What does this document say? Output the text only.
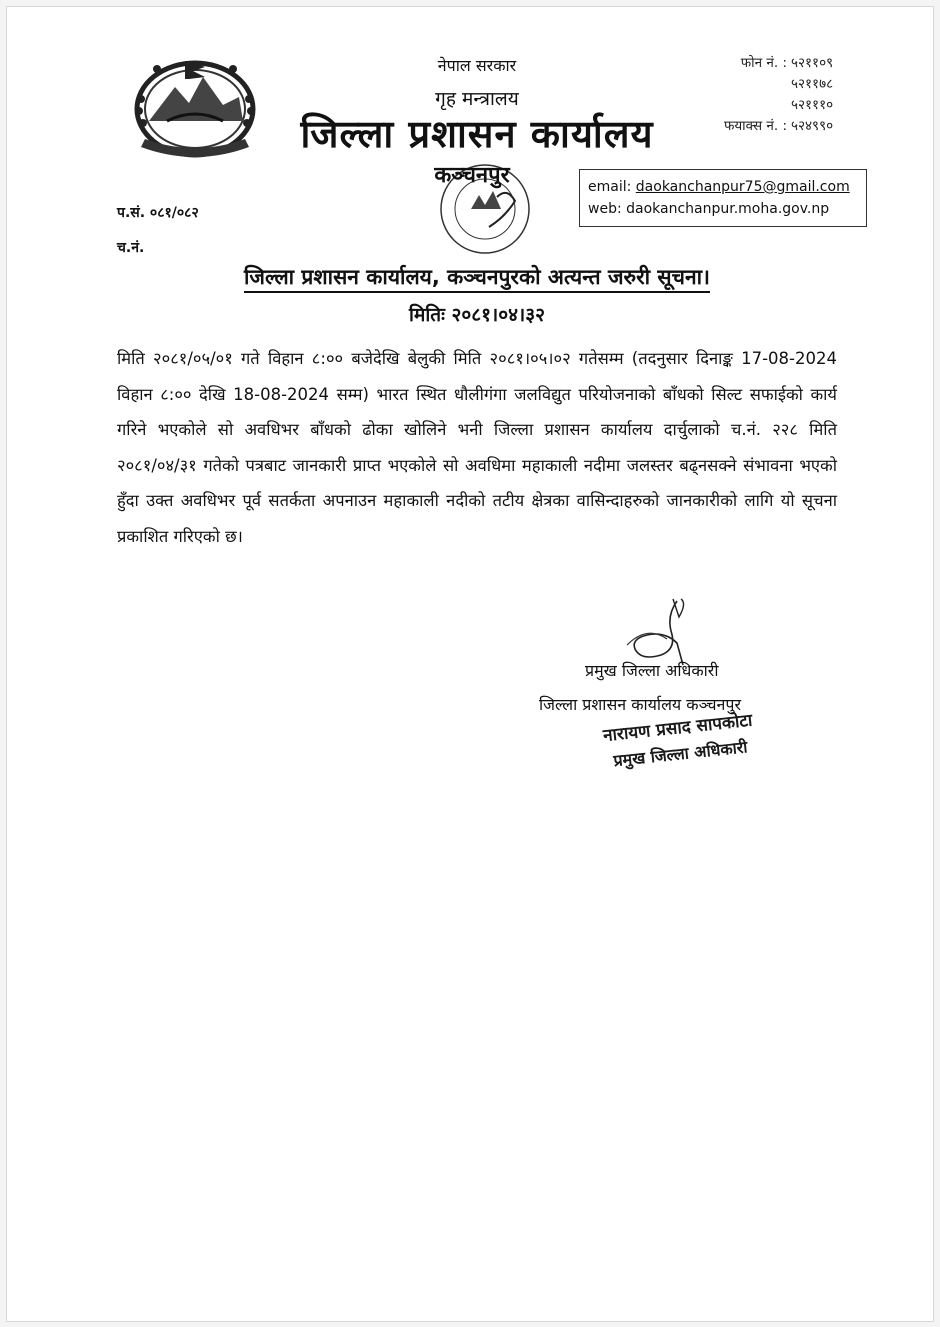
नेपाल सरकार
गृह मन्त्रालय
जिल्ला प्रशासन कार्यालय
कञ्चनपुर
फोन नं. : ५२११०९
५२११७८
५२१११०
फयाक्स नं. : ५२४९९०
email: daokanchanpur75@gmail.com
web: daokanchanpur.moha.gov.np
प.सं. ०८१/०८२
च.नं.
जिल्ला प्रशासन कार्यालय, कञ्चनपुरको अत्यन्त जरुरी सूचना।
मितिः २०८१।०४।३२
मिति २०८१/०५/०१ गते विहान ८:०० बजेदेखि बेलुकी मिति २०८१।०५।०२ गतेसम्म (तदनुसार दिनाङ्क 17-08-2024 विहान ८:०० देखि 18-08-2024 सम्म) भारत स्थित धौलीगंगा जलविद्युत परियोजनाको बाँधको सिल्ट सफाईको कार्य गरिने भएकोले सो अवधिभर बाँधको ढोका खोलिने भनी जिल्ला प्रशासन कार्यालय दार्चुलाको च.नं. २२८ मिति २०८१/०४/३१ गतेको पत्रबाट जानकारी प्राप्त भएकोले सो अवधिमा महाकाली नदीमा जलस्तर बढ्नसक्ने संभावना भएको हुँदा उक्त अवधिभर पूर्व सतर्कता अपनाउन महाकाली नदीको तटीय क्षेत्रका वासिन्दाहरुको जानकारीको लागि यो सूचना प्रकाशित गरिएको छ।
प्रमुख जिल्ला अधिकारी
जिल्ला प्रशासन कार्यालय कञ्चनपुर
नारायण प्रसाद सापकोटा
प्रमुख जिल्ला अधिकारी
